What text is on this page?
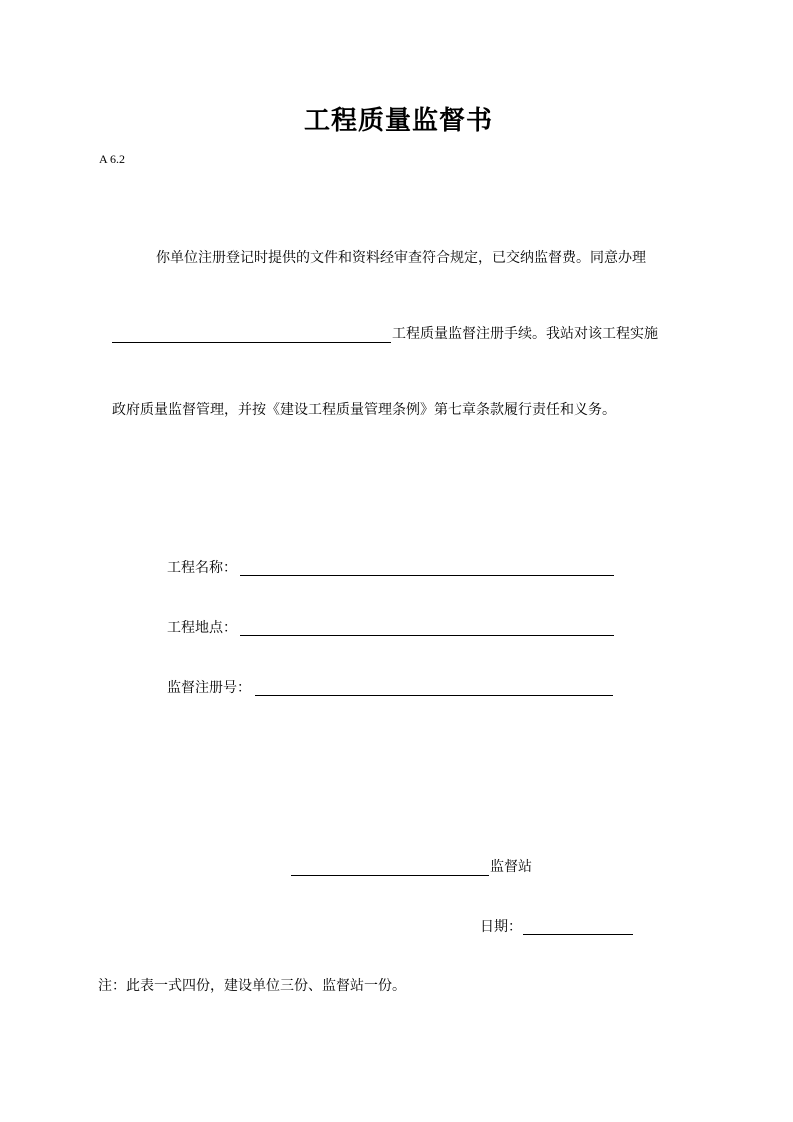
工程质量监督书
A 6.2
你单位注册登记时提供的文件和资料经审查符合规定，已交纳监督费。同意办理
工程质量监督注册手续。我站对该工程实施
政府质量监督管理，并按《建设工程质量管理条例》第七章条款履行责任和义务。
工程名称：
工程地点：
监督注册号：
监督站
日期：
注：此表一式四份，建设单位三份、监督站一份。
